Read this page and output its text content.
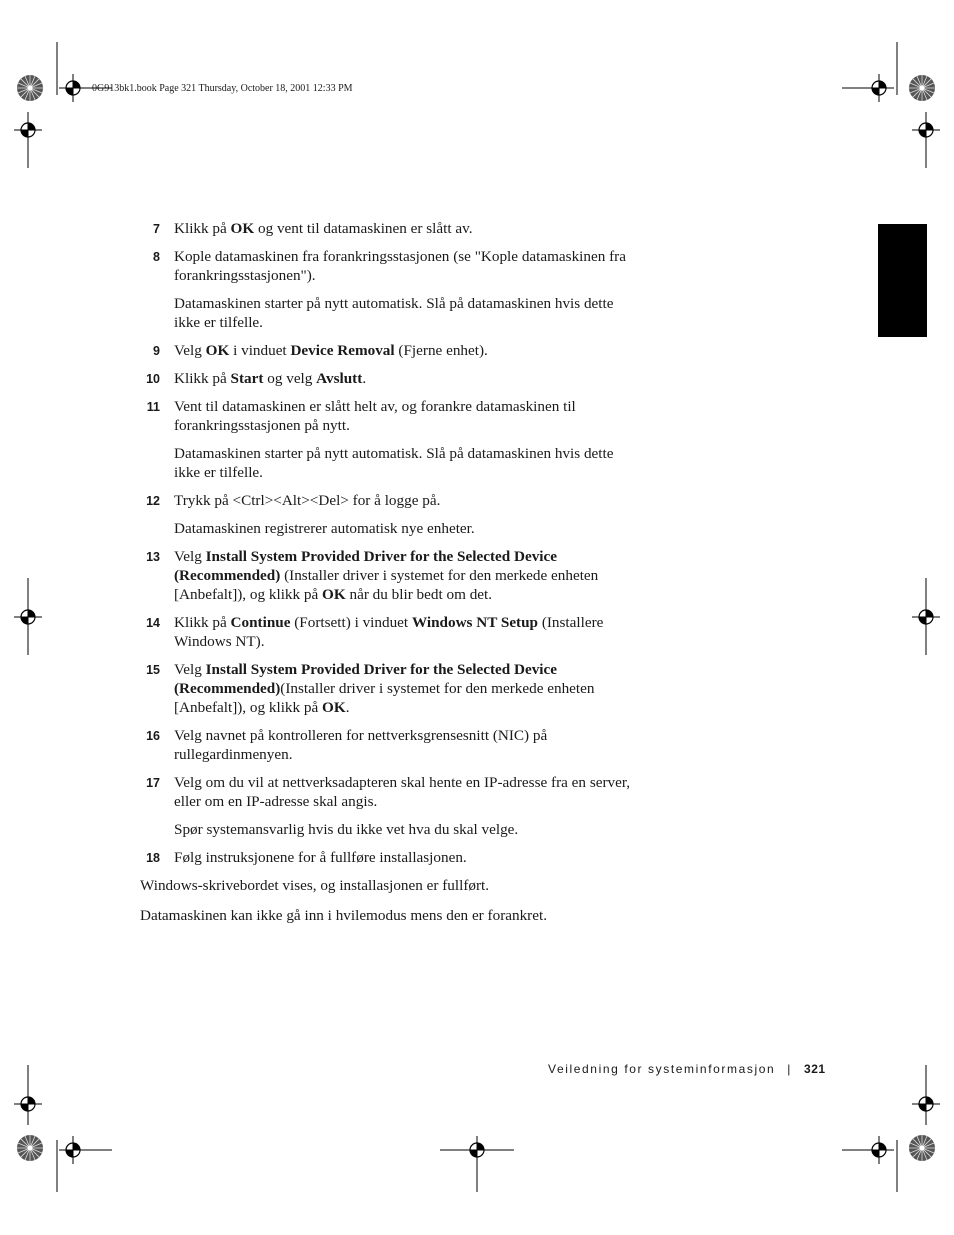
0G913bk1.book Page 321 Thursday, October 18, 2001 12:33 PM
7 Klikk på OK og vent til datamaskinen er slått av.

8 Kople datamaskinen fra forankringsstasjonen (se "Kople datamaskinen fra forankringsstasjonen").

Datamaskinen starter på nytt automatisk. Slå på datamaskinen hvis dette ikke er tilfelle.

9 Velg OK i vinduet Device Removal (Fjerne enhet).

10 Klikk på Start og velg Avslutt.

11 Vent til datamaskinen er slått helt av, og forankre datamaskinen til forankringsstasjonen på nytt.

Datamaskinen starter på nytt automatisk. Slå på datamaskinen hvis dette ikke er tilfelle.

12 Trykk på <Ctrl><Alt><Del> for å logge på.

Datamaskinen registrerer automatisk nye enheter.

13 Velg Install System Provided Driver for the Selected Device (Recommended) (Installer driver i systemet for den merkede enheten [Anbefalt]), og klikk på OK når du blir bedt om det.

14 Klikk på Continue (Fortsett) i vinduet Windows NT Setup (Installere Windows NT).

15 Velg Install System Provided Driver for the Selected Device (Recommended)(Installer driver i systemet for den merkede enheten [Anbefalt]), og klikk på OK.

16 Velg navnet på kontrolleren for nettverksgrensesnitt (NIC) på rullegardinmenyen.

17 Velg om du vil at nettverksadapteren skal hente en IP-adresse fra en server, eller om en IP-adresse skal angis.

Spør systemansvarlig hvis du ikke vet hva du skal velge.

18 Følg instruksjonene for å fullføre installasjonen.

Windows-skrivebordet vises, og installasjonen er fullført.

Datamaskinen kan ikke gå inn i hvilemodus mens den er forankret.

Veiledning for systeminformasjon | 321
